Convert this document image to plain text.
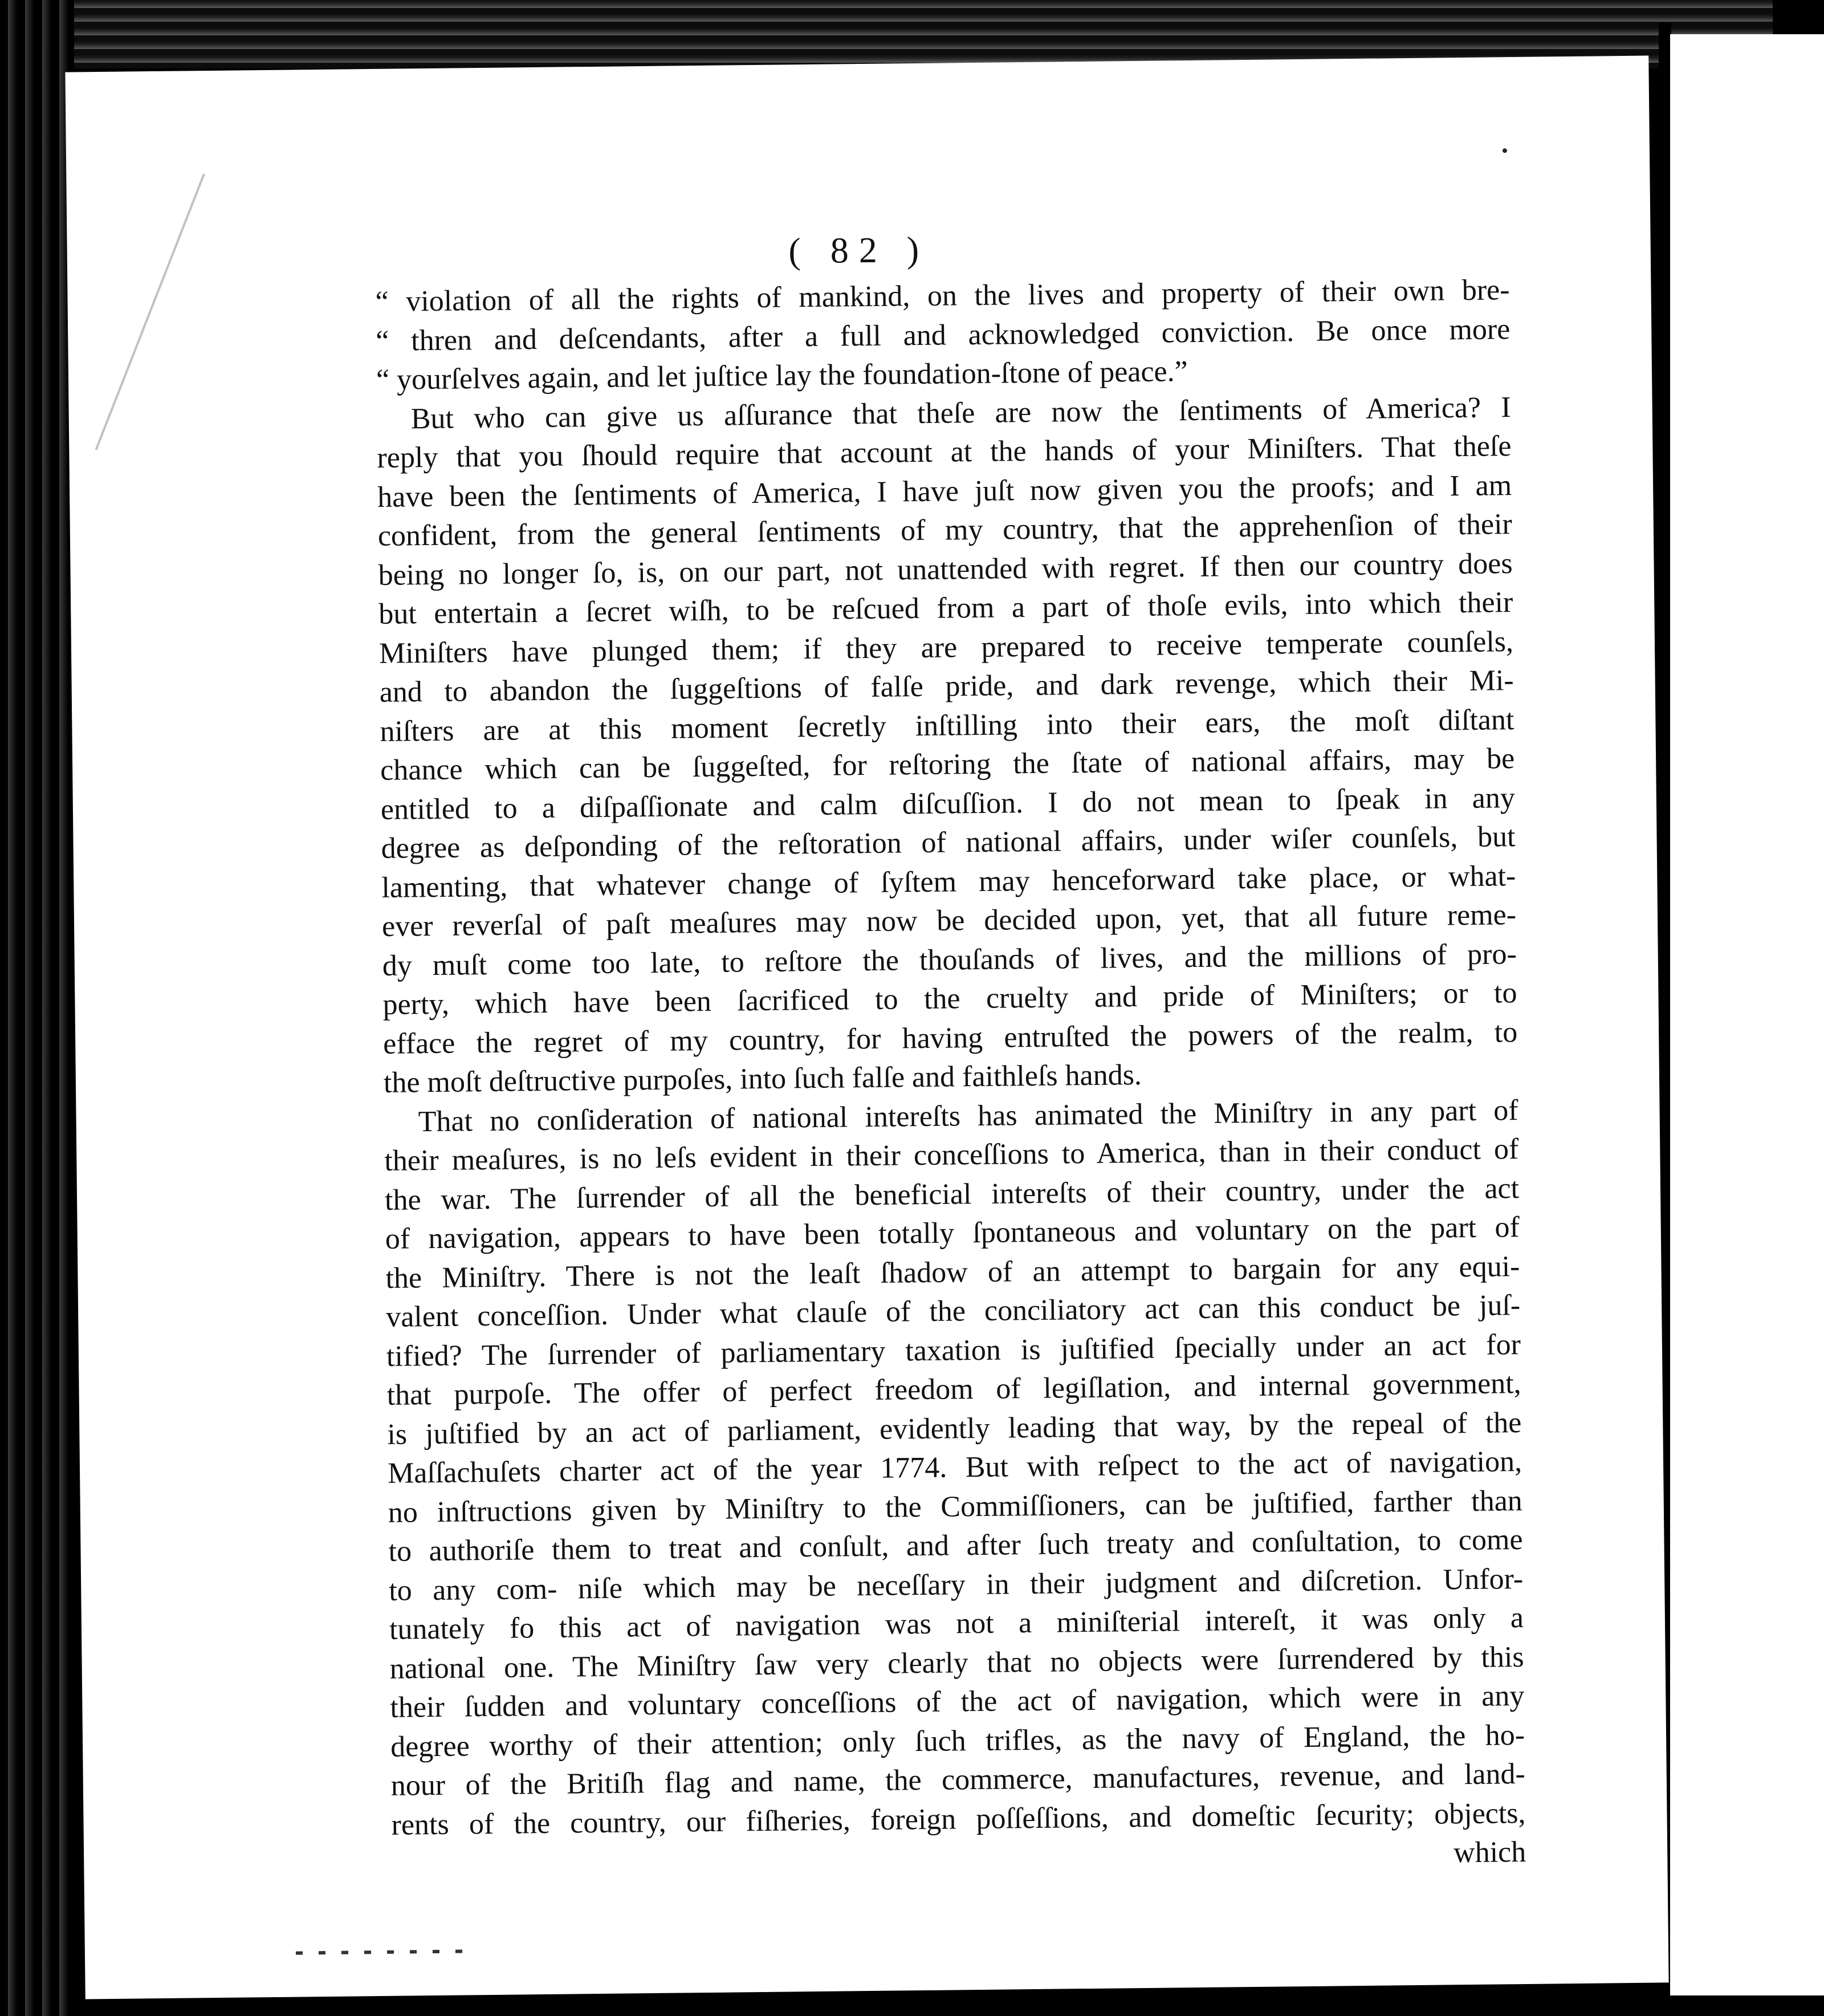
( 82 )
“ violation of all the rights of mankind, on the lives and property of their own bre-
“ thren and deſcendants, after a full and acknowledged conviction. Be once more
“ yourſelves again, and let juſtice lay the foundation-ſtone of peace.”
But who can give us aſſurance that theſe are now the ſentiments of America? I
reply that you ſhould require that account at the hands of your Miniſters. That theſe
have been the ſentiments of America, I have juſt now given you the proofs; and I am
confident, from the general ſentiments of my country, that the apprehenſion of their
being no longer ſo, is, on our part, not unattended with regret. If then our country does
but entertain a ſecret wiſh, to be reſcued from a part of thoſe evils, into which their
Miniſters have plunged them; if they are prepared to receive temperate counſels,
and to abandon the ſuggeſtions of falſe pride, and dark revenge, which their Mi-
niſters are at this moment ſecretly inſtilling into their ears, the moſt diſtant
chance which can be ſuggeſted, for reſtoring the ſtate of national affairs, may be
entitled to a diſpaſſionate and calm diſcuſſion. I do not mean to ſpeak in any
degree as deſponding of the reſtoration of national affairs, under wiſer counſels, but
lamenting, that whatever change of ſyſtem may henceforward take place, or what-
ever reverſal of paſt meaſures may now be decided upon, yet, that all future reme-
dy muſt come too late, to reſtore the thouſands of lives, and the millions of pro-
perty, which have been ſacrificed to the cruelty and pride of Miniſters; or to
efface the regret of my country, for having entruſted the powers of the realm, to
the moſt deſtructive purpoſes, into ſuch falſe and faithleſs hands.
That no conſideration of national intereſts has animated the Miniſtry in any part of
their meaſures, is no leſs evident in their conceſſions to America, than in their conduct of
the war. The ſurrender of all the beneficial intereſts of their country, under the act
of navigation, appears to have been totally ſpontaneous and voluntary on the part of
the Miniſtry. There is not the leaſt ſhadow of an attempt to bargain for any equi-
valent conceſſion. Under what clauſe of the conciliatory act can this conduct be juſ-
tified? The ſurrender of parliamentary taxation is juſtified ſpecially under an act for
that purpoſe. The offer of perfect freedom of legiſlation, and internal government,
is juſtified by an act of parliament, evidently leading that way, by the repeal of the
Maſſachuſets charter act of the year 1774. But with reſpect to the act of navigation,
no inſtructions given by Miniſtry to the Commiſſioners, can be juſtified, farther than
to authoriſe them to treat and conſult, and after ſuch treaty and conſultation, to come
to any com- niſe which may be neceſſary in their judgment and diſcretion. Unfor-
tunately fo this act of navigation was not a miniſterial intereſt, it was only a
national one. The Miniſtry ſaw very clearly that no objects were ſurrendered by this
their ſudden and voluntary conceſſions of the act of navigation, which were in any
degree worthy of their attention; only ſuch trifles, as the navy of England, the ho-
nour of the Britiſh flag and name, the commerce, manufactures, revenue, and land-
rents of the country, our fiſheries, foreign poſſeſſions, and domeſtic ſecurity; objects,
which
